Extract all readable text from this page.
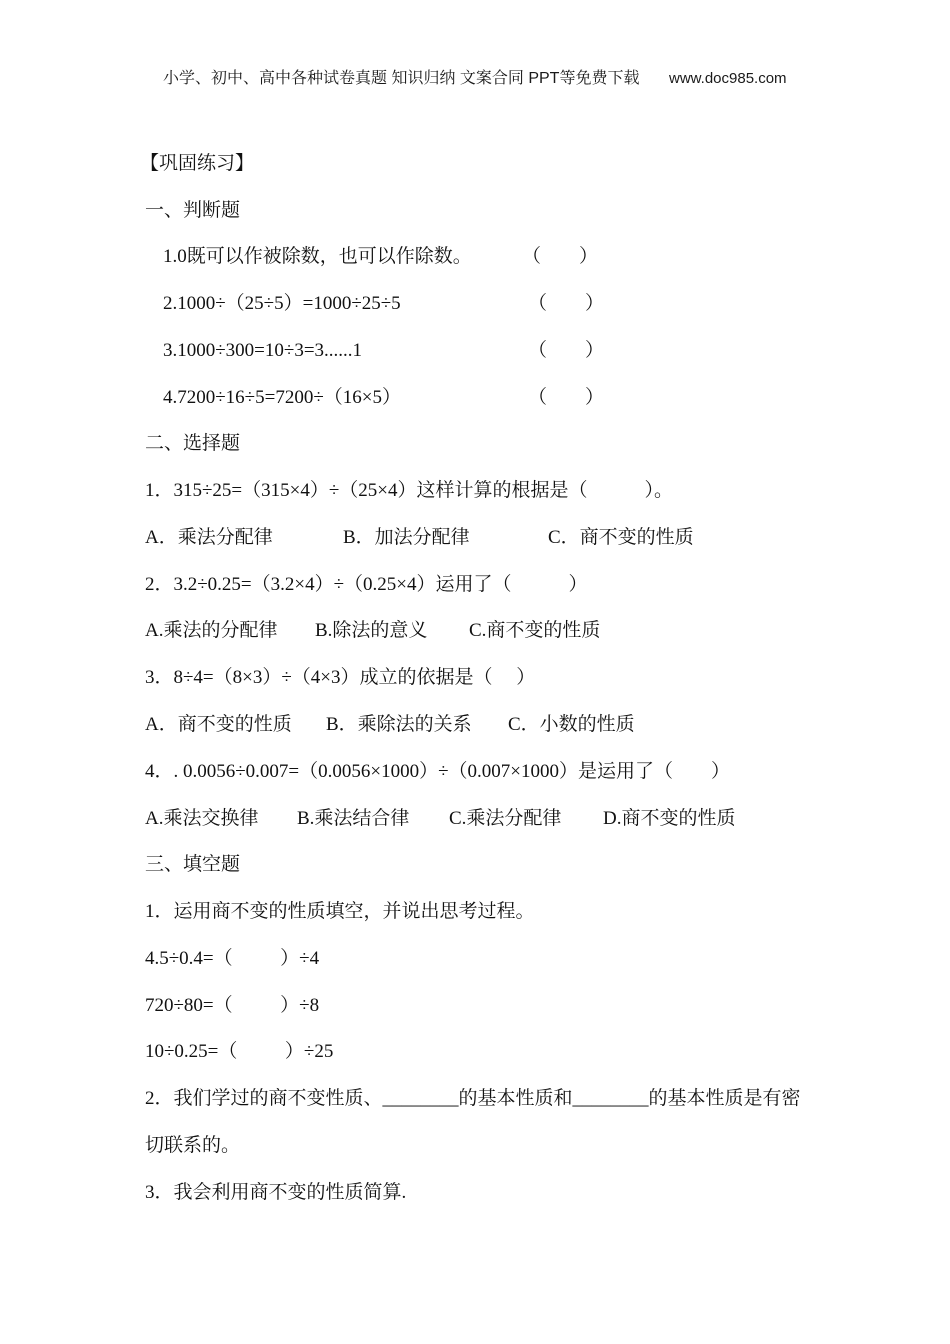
小学、初中、高中各种试卷真题 知识归纳 文案合同 PPT等免费下载 www.doc985.com
【巩固练习】
一、判断题
1.0既可以作被除数，也可以作除数。	（        ）
2.1000÷（25÷5）=1000÷25÷5	（        ）
3.1000÷300=10÷3=3......1	（        ）
4.7200÷16÷5=7200÷（16×5）	（        ）
二、选择题
1．315÷25=（315×4）÷（25×4）这样计算的根据是（            ）。
A．乘法分配律	B．加法分配律	C．商不变的性质
2．3.2÷0.25=（3.2×4）÷（0.25×4）运用了（            ）
A.乘法的分配律 B.除法的意义 C.商不变的性质
3．8÷4=（8×3）÷（4×3）成立的依据是（     ）
A．商不变的性质 B．乘除法的关系 C．小数的性质
4．. 0.0056÷0.007=（0.0056×1000）÷（0.007×1000）是运用了（        ）
A.乘法交换律 B.乘法结合律 C.乘法分配律 D.商不变的性质
三、填空题
1．运用商不变的性质填空，并说出思考过程。
4.5÷0.4=（          ）÷4
720÷80=（          ）÷8
10÷0.25=（          ）÷25
2．我们学过的商不变性质、________的基本性质和________的基本性质是有密
切联系的。
3．我会利用商不变的性质简算.
